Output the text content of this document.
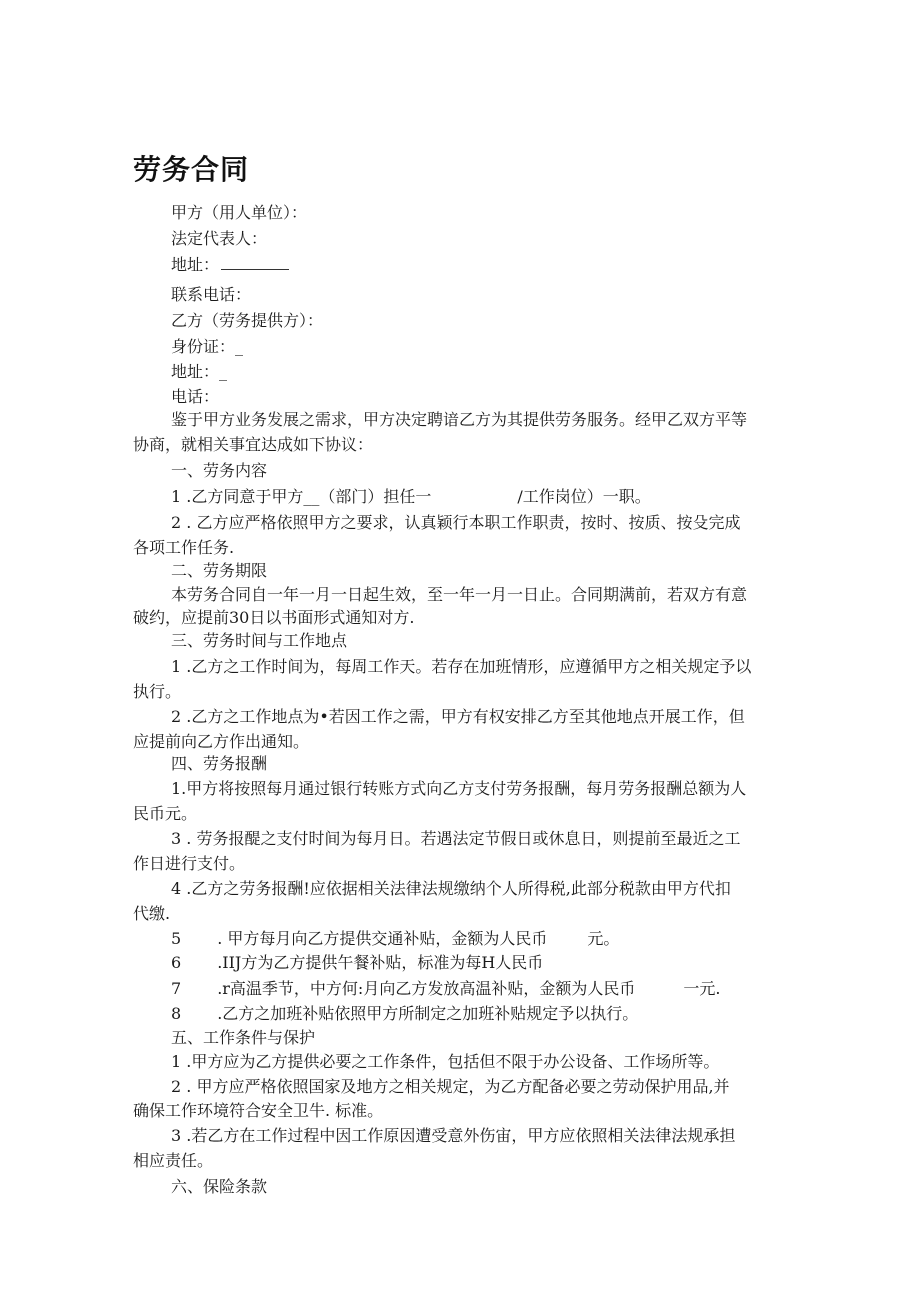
劳务合同
甲方（用人单位）：
法定代表人：
地址：
联系电话：
乙方（劳务提供方）：
身份证：_
地址：_
电话：
鉴于甲方业务发展之需求，甲方决定聘谙乙方为其提供劳务服务。经甲乙双方平等
协商，就相关事宜达成如下协议：
一、劳务内容
1 .乙方同意于甲方__（部门）担任一	/工作岗位）一职。
2 . 乙方应严格依照甲方之要求，认真颖行本职工作职责，按时、按质、按殳完成
各项工作任务.
二、劳务期限
本劳务合同自一年一月一日起生效，至一年一月一日止。合同期满前，若双方有意
破约，应提前30日以书面形式通知对方.
三、劳务时间与工作地点
1 .乙方之工作时间为，每周工作天。若存在加班情形，应遵循甲方之相关规定予以
执行。
2 .乙方之工作地点为•若因工作之需，甲方有权安排乙方至其他地点开展工作，但
应提前向乙方作出通知。
四、劳务报酬
1.甲方将按照每月通过银行转账方式向乙方支付劳务报酬，每月劳务报酬总额为人
民币元。
3 . 劳务报醍之支付时间为每月日。若遇法定节假日或休息日，则提前至最近之工
作日进行支付。
4 .乙方之劳务报酬!应依据相关法律法规缴纳个人所得税,此部分税款由甲方代扣
代缴.
5 . 甲方每月向乙方提供交通补贴，金额为人民币	元。
6 .IIJ方为乙方提供午餐补贴，标准为每H人民币
7 .r高温季节，中方何:月向乙方发放高温补贴，金额为人民币	一元.
8 .乙方之加班补贴依照甲方所制定之加班补贴规定予以执行。
五、工作条件与保护
1 .甲方应为乙方提供必要之工作条件，包括但不限于办公设备、工作场所等。
2 . 甲方应严格依照国家及地方之相关规定，为乙方配备必要之劳动保护用品,并
确保工作环境符合安全卫牛. 标准。
3 .若乙方在工作过程中因工作原因遭受意外伤宙，甲方应依照相关法律法规承担
相应责任。
六、保险条款
